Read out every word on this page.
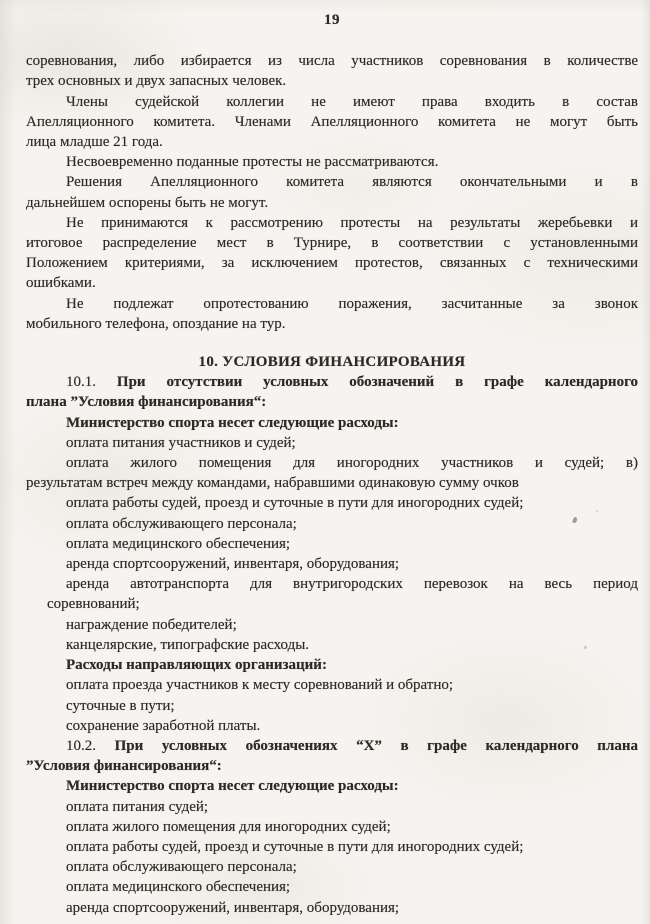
19
соревнования, либо избирается из числа участников соревнования в количестве
трех основных и двух запасных человек.
Члены судейской коллегии не имеют права входить в состав
Апелляционного комитета. Членами Апелляционного комитета не могут быть
лица младше 21 года.
Несвоевременно поданные протесты не рассматриваются.
Решения Апелляционного комитета являются окончательными и в
дальнейшем оспорены быть не могут.
Не принимаются к рассмотрению протесты на результаты жеребьевки и
итоговое распределение мест в Турнире, в соответствии с установленными
Положением критериями, за исключением протестов, связанных с техническими
ошибками.
Не подлежат опротестованию поражения, засчитанные за звонок
мобильного телефона, опоздание на тур.
10. УСЛОВИЯ ФИНАНСИРОВАНИЯ
10.1. При отсутствии условных обозначений в графе календарного
плана ”Условия финансирования“:
Министерство спорта несет следующие расходы:
оплата питания участников и судей;
оплата жилого помещения для иногородних участников и судей; в)
результатам встреч между командами, набравшими одинаковую сумму очков
оплата работы судей, проезд и суточные в пути для иногородних судей;
оплата обслуживающего персонала;
оплата медицинского обеспечения;
аренда спортсооружений, инвентаря, оборудования;
аренда автотранспорта для внутригородских перевозок на весь период
соревнований;
награждение победителей;
канцелярские, типографские расходы.
Расходы направляющих организаций:
оплата проезда участников к месту соревнований и обратно;
суточные в пути;
сохранение заработной платы.
10.2. При условных обозначениях “Х” в графе календарного плана
”Условия финансирования“:
Министерство спорта несет следующие расходы:
оплата питания судей;
оплата жилого помещения для иногородних судей;
оплата работы судей, проезд и суточные в пути для иногородних судей;
оплата обслуживающего персонала;
оплата медицинского обеспечения;
аренда спортсооружений, инвентаря, оборудования;
